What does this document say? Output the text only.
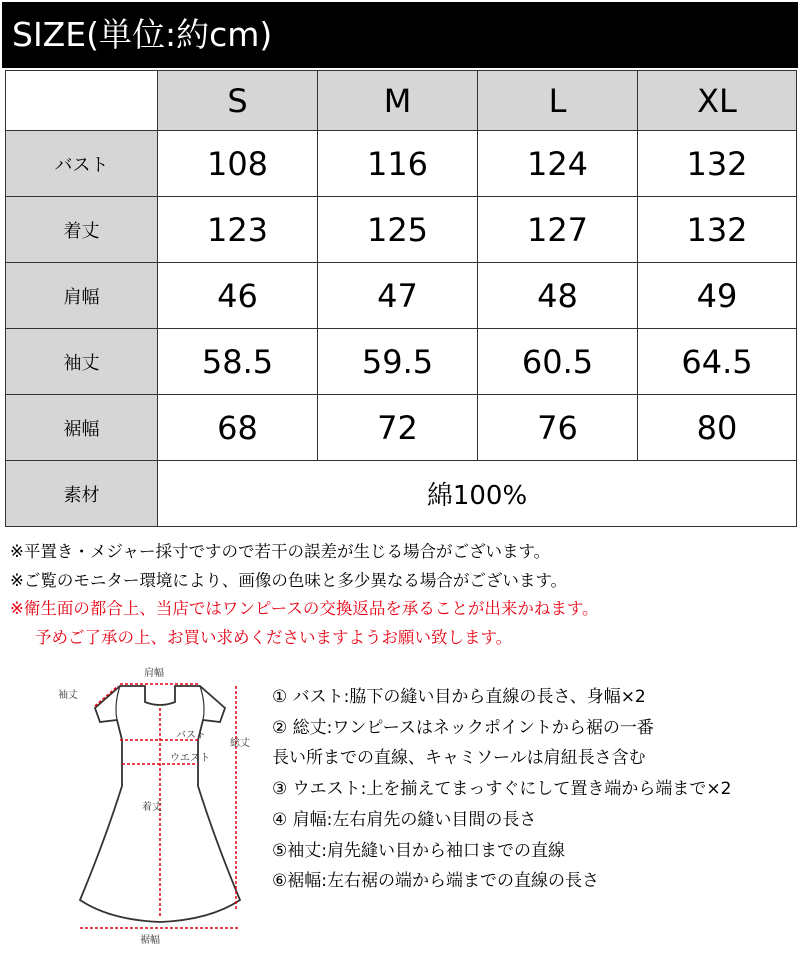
SIZE(単位:約cm)
	S	M	L	XL
バスト	108	116	124	132
着丈	123	125	127	132
肩幅	46	47	48	49
袖丈	58.5	59.5	60.5	64.5
裾幅	68	72	76	80
素材	綿100%			
※平置き・メジャー採寸ですので若干の誤差が生じる場合がございます。
※ご覧のモニター環境により、画像の色味と多少異なる場合がございます。
※衛生面の都合上、当店ではワンピースの交換返品を承ることが出来かねます。
予めご了承の上、お買い求めくださいますようお願い致します。
肩幅
袖丈
バスト
ウエスト
着丈
総丈
裾幅
① バスト:脇下の縫い目から直線の長さ、身幅×2
② 総丈:ワンピースはネックポイントから裾の一番
長い所までの直線、キャミソールは肩紐長さ含む
③ ウエスト:上を揃えてまっすぐにして置き端から端まで×2
④ 肩幅:左右肩先の縫い目間の長さ
⑤袖丈:肩先縫い目から袖口までの直線
⑥裾幅:左右裾の端から端までの直線の長さ
